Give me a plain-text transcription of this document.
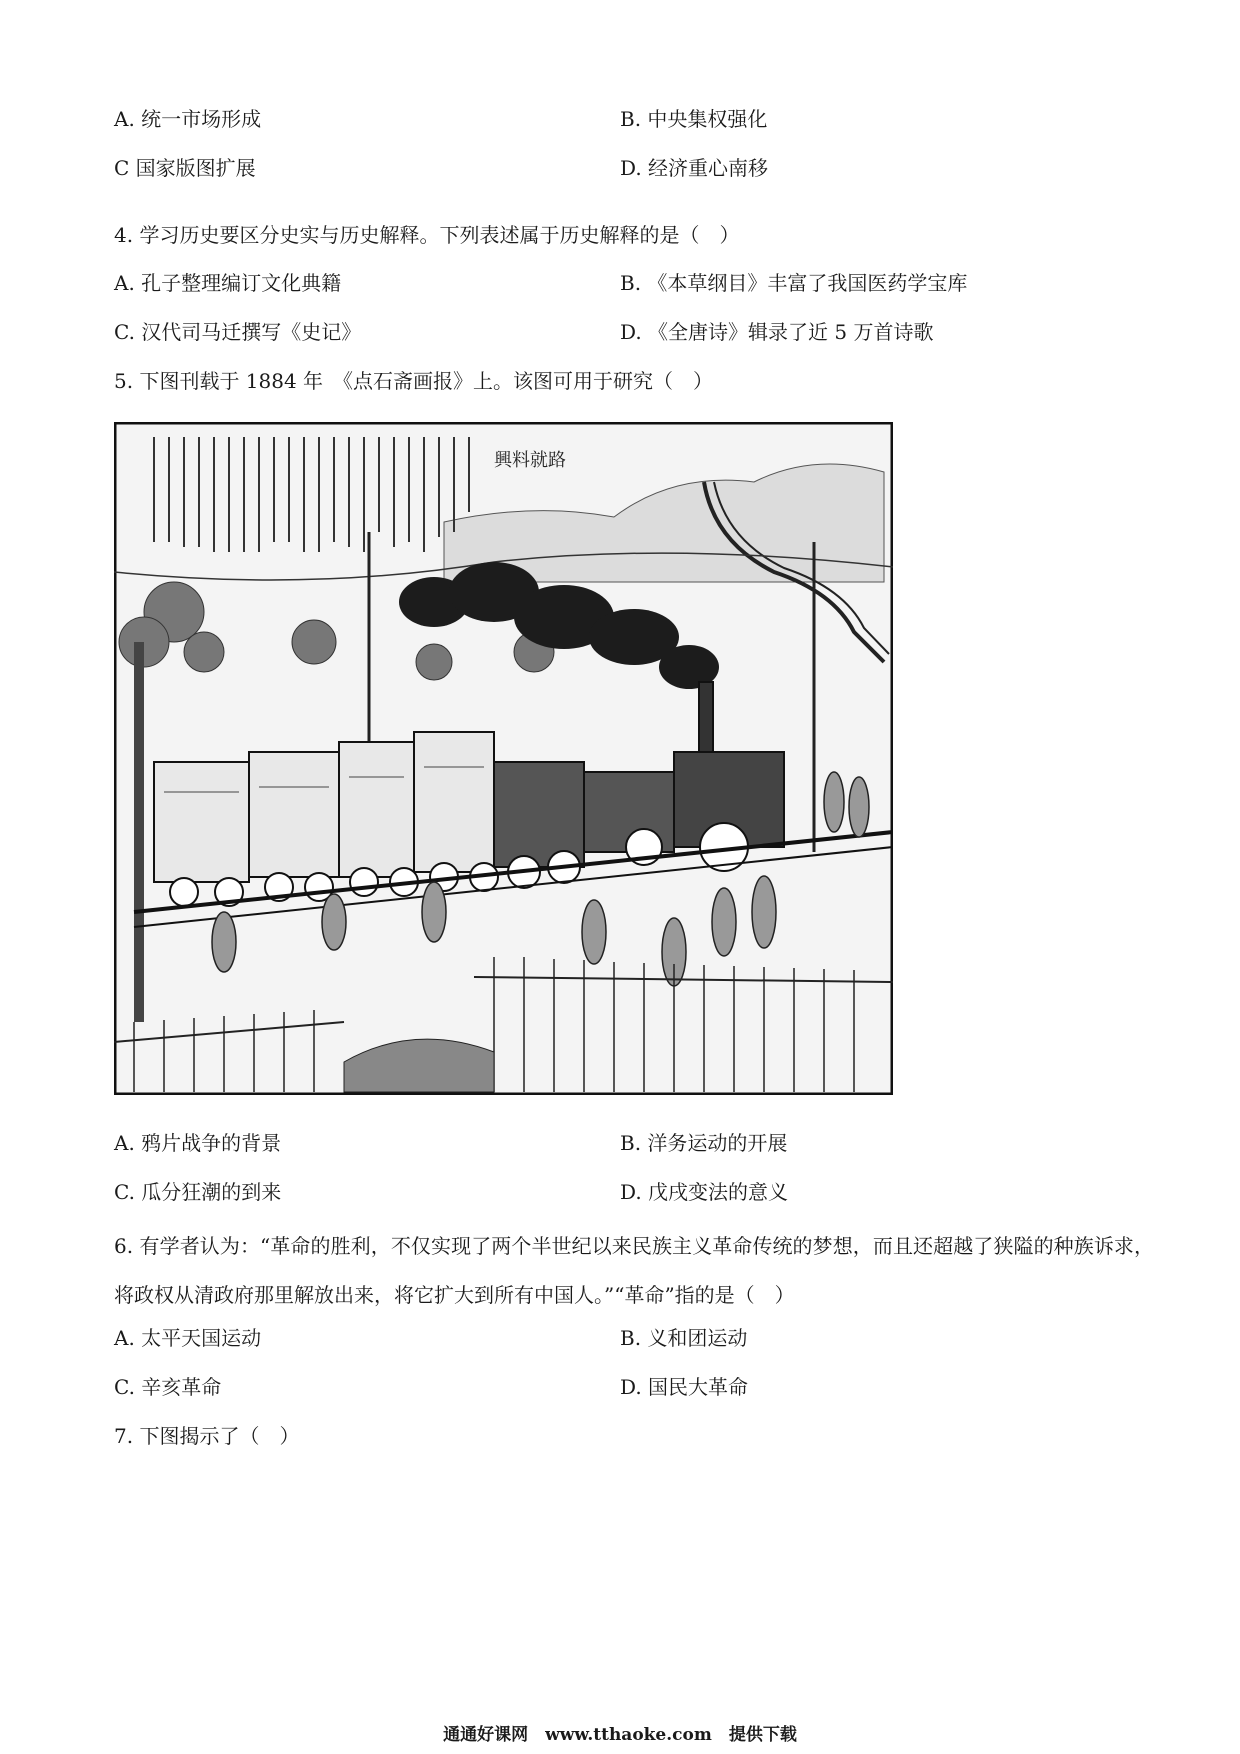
A. 统一市场形成	B. 中央集权强化
C 国家版图扩展	D. 经济重心南移
4. 学习历史要区分史实与历史解释。下列表述属于历史解释的是（　）
A. 孔子整理编订文化典籍	B. 《本草纲目》丰富了我国医药学宝库
C. 汉代司马迁撰写《史记》	D. 《全唐诗》辑录了近 5 万首诗歌
5. 下图刊载于 1884 年　《点石斋画报》上。该图可用于研究（　）
興料就路
A. 鸦片战争的背景	B. 洋务运动的开展
C. 瓜分狂潮的到来	D. 戊戌变法的意义
6. 有学者认为：“革命的胜利，不仅实现了两个半世纪以来民族主义革命传统的梦想，而且还超越了狭隘的种族诉求，将政权从清政府那里解放出来，将它扩大到所有中国人。”“革命”指的是（　）
A. 太平天国运动	B. 义和团运动
C. 辛亥革命	D. 国民大革命
7. 下图揭示了（　）
通通好课网　www.tthaoke.com　提供下载
